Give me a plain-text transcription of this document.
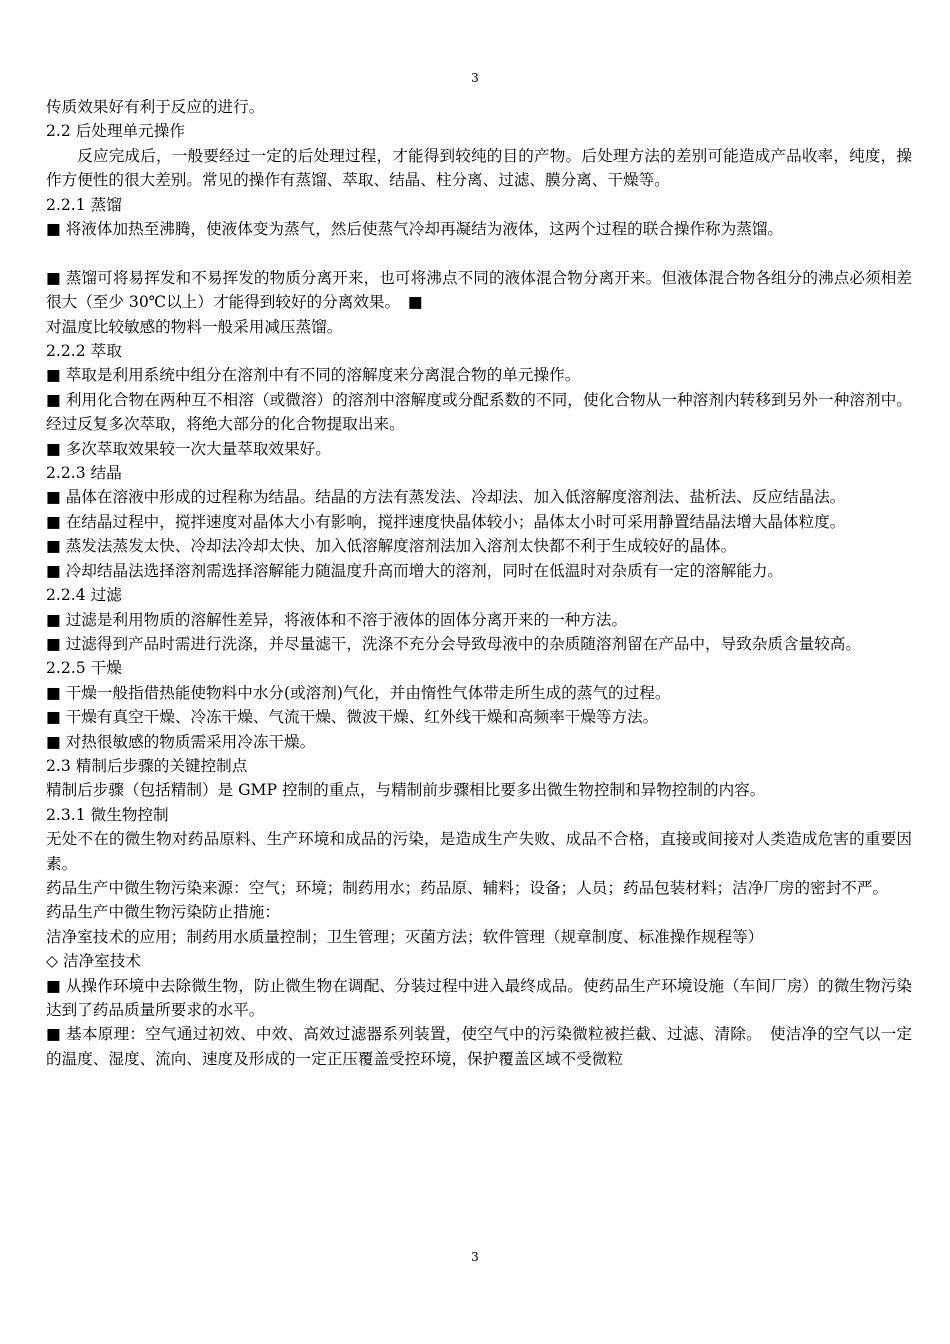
3

传质效果好有利于反应的进行。

2.2 后处理单元操作

反应完成后，一般要经过一定的后处理过程，才能得到较纯的目的产物。后处理方法的差别可能造成产品收率，纯度，操作方便性的很大差别。常见的操作有蒸馏、萃取、结晶、柱分离、过滤、膜分离、干燥等。

2.2.1 蒸馏

■ 将液体加热至沸腾，使液体变为蒸气，然后使蒸气冷却再凝结为液体，这两个过程的联合操作称为蒸馏。

■ 蒸馏可将易挥发和不易挥发的物质分离开来，也可将沸点不同的液体混合物分离开来。但液体混合物各组分的沸点必须相差很大（至少 30℃以上）才能得到较好的分离效果。　■

对温度比较敏感的物料一般采用减压蒸馏。

2.2.2 萃取

■ 萃取是利用系统中组分在溶剂中有不同的溶解度来分离混合物的单元操作。

■ 利用化合物在两种互不相溶（或微溶）的溶剂中溶解度或分配系数的不同，使化合物从一种溶剂内转移到另外一种溶剂中。经过反复多次萃取，将绝大部分的化合物提取出来。

■ 多次萃取效果较一次大量萃取效果好。

2.2.3 结晶

■ 晶体在溶液中形成的过程称为结晶。结晶的方法有蒸发法、冷却法、加入低溶解度溶剂法、盐析法、反应结晶法。

■ 在结晶过程中，搅拌速度对晶体大小有影响，搅拌速度快晶体较小；晶体太小时可采用静置结晶法增大晶体粒度。

■ 蒸发法蒸发太快、冷却法冷却太快、加入低溶解度溶剂法加入溶剂太快都不利于生成较好的晶体。

■ 冷却结晶法选择溶剂需选择溶解能力随温度升高而增大的溶剂，同时在低温时对杂质有一定的溶解能力。

2.2.4 过滤

■ 过滤是利用物质的溶解性差异，将液体和不溶于液体的固体分离开来的一种方法。

■ 过滤得到产品时需进行洗涤，并尽量滤干，洗涤不充分会导致母液中的杂质随溶剂留在产品中，导致杂质含量较高。

2.2.5 干燥

■ 干燥一般指借热能使物料中水分(或溶剂)气化，并由惰性气体带走所生成的蒸气的过程。

■ 干燥有真空干燥、冷冻干燥、气流干燥、微波干燥、红外线干燥和高频率干燥等方法。

■ 对热很敏感的物质需采用冷冻干燥。

2.3 精制后步骤的关键控制点

精制后步骤（包括精制）是 GMP 控制的重点，与精制前步骤相比要多出微生物控制和异物控制的内容。

2.3.1 微生物控制

无处不在的微生物对药品原料、生产环境和成品的污染，是造成生产失败、成品不合格，直接或间接对人类造成危害的重要因素。

药品生产中微生物污染来源：空气；环境；制药用水；药品原、辅料；设备；人员；药品包装材料；洁净厂房的密封不严。

药品生产中微生物污染防止措施：

洁净室技术的应用；制药用水质量控制；卫生管理；灭菌方法；软件管理（规章制度、标准操作规程等）

◇ 洁净室技术

■ 从操作环境中去除微生物，防止微生物在调配、分装过程中进入最终成品。使药品生产环境设施（车间厂房）的微生物污染达到了药品质量所要求的水平。

■ 基本原理：空气通过初效、中效、高效过滤器系列装置，使空气中的污染微粒被拦截、过滤、清除。　使洁净的空气以一定的温度、湿度、流向、速度及形成的一定正压覆盖受控环境，保护覆盖区域不受微粒

3
